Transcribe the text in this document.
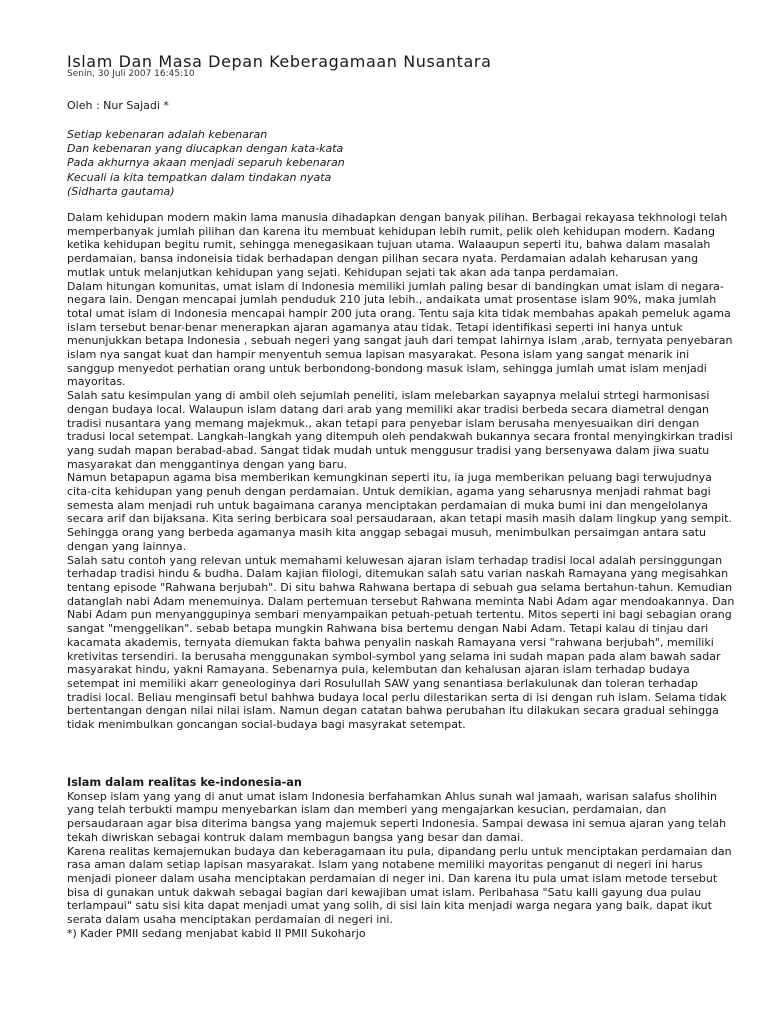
Islam Dan Masa Depan Keberagamaan Nusantara
Senin, 30 Juli 2007 16:45:10
Oleh : Nur Sajadi *
Setiap kebenaran adalah kebenaran
Dan kebenaran yang diucapkan dengan kata-kata
Pada akhurnya akaan menjadi separuh kebenaran
Kecuali ia kita tempatkan dalam tindakan nyata
(Sidharta gautama)

Dalam kehidupan modern makin lama manusia dihadapkan dengan banyak pilihan. Berbagai rekayasa tekhnologi telah memperbanyak jumlah pilihan dan karena itu membuat kehidupan lebih rumit, pelik oleh kehidupan modern. Kadang ketika kehidupan begitu rumit, sehingga menegasikaan tujuan utama. Walaaupun seperti itu, bahwa dalam masalah perdamaian, bansa indoneisia tidak berhadapan dengan pilihan secara nyata. Perdamaian adalah keharusan yang mutlak untuk melanjutkan kehidupan yang sejati. Kehidupan sejati tak akan ada tanpa perdamaian.

Dalam hitungan komunitas, umat islam di Indonesia memiliki jumlah paling besar di bandingkan umat islam di negara-negara lain. Dengan mencapai jumlah penduduk 210 juta lebih., andaikata umat prosentase islam 90%, maka jumlah total umat islam di Indonesia mencapai hampir 200 juta orang. Tentu saja kita tidak membahas apakah pemeluk agama islam tersebut benar-benar menerapkan ajaran agamanya atau tidak. Tetapi identifikasi seperti ini hanya untuk menunjukkan betapa Indonesia , sebuah negeri yang sangat jauh dari tempat lahirnya islam ,arab, ternyata penyebaran islam nya sangat kuat dan hampir menyentuh semua lapisan masyarakat. Pesona islam yang sangat menarik ini sanggup menyedot perhatian orang untuk berbondong-bondong masuk islam, sehingga jumlah umat islam menjadi mayoritas.

Salah satu kesimpulan yang di ambil oleh sejumlah peneliti, islam melebarkan sayapnya melalui strtegi harmonisasi dengan budaya local. Walaupun islam datang dari arab yang memiliki akar tradisi berbeda secara diametral dengan tradisi nusantara yang memang majekmuk., akan tetapi para penyebar islam berusaha menyesuaikan diri dengan tradusi local setempat. Langkah-langkah yang ditempuh oleh pendakwah bukannya secara frontal menyingkirkan tradisi yang sudah mapan berabad-abad. Sangat tidak mudah untuk menggusur tradisi yang bersenyawa dalam jiwa suatu masyarakat dan menggantinya dengan yang baru.

Namun betapapun agama bisa memberikan kemungkinan seperti itu, ia juga memberikan peluang bagi terwujudnya cita-cita kehidupan yang penuh dengan perdamaian. Untuk demikian, agama yang seharusnya menjadi rahmat bagi semesta alam menjadi ruh untuk bagaimana caranya menciptakan perdamaian di muka bumi ini dan mengelolanya secara arif dan bijaksana. Kita sering berbicara soal persaudaraan, akan tetapi masih masih dalam lingkup yang sempit. Sehingga orang yang berbeda agamanya masih kita anggap sebagai musuh, menimbulkan persaimgan antara satu dengan yang lainnya.

Salah satu contoh yang relevan untuk memahami keluwesan ajaran islam terhadap tradisi local adalah persinggungan terhadap tradisi hindu & budha. Dalam kajian filologi, ditemukan salah satu varian naskah Ramayana yang megisahkan tentang episode "Rahwana berjubah". Di situ bahwa Rahwana bertapa di sebuah gua selama bertahun-tahun. Kemudian datanglah nabi Adam menemuinya. Dalam pertemuan tersebut Rahwana meminta Nabi Adam agar mendoakannya. Dan Nabi Adam pun menyanggupinya sembari menyampaikan petuah-petuah tertentu. Mitos seperti ini bagi sebagian orang sangat "menggelikan". sebab betapa mungkin Rahwana bisa bertemu dengan Nabi Adam. Tetapi kalau di tinjau dari kacamata akademis, ternyata diemukan fakta bahwa penyalin naskah Ramayana versi "rahwana berjubah", memiliki kretivitas tersendiri. Ia berusaha menggunakan symbol-symbol yang selama ini sudah mapan pada alam bawah sadar masyarakat hindu, yakni Ramayana. Sebenarnya pula, kelembutan dan kehalusan ajaran islam terhadap budaya setempat ini memiliki akarr geneologinya dari Rosulullah SAW yang senantiasa berlakulunak dan toleran terhadap tradisi local. Beliau menginsafi betul bahhwa budaya local perlu dilestarikan serta di isi dengan ruh islam. Selama tidak bertentangan dengan nilai nilai islam. Namun degan catatan bahwa perubahan itu dilakukan secara gradual sehingga tidak menimbulkan goncangan social-budaya bagi masyrakat setempat.

Islam dalam realitas ke-indonesia-an

Konsep islam yang yang di anut umat islam Indonesia berfahamkan Ahlus sunah wal jamaah, warisan salafus sholihin yang telah terbukti mampu menyebarkan islam dan memberi yang mengajarkan kesucian, perdamaian, dan persaudaraan agar bisa diterima bangsa yang majemuk seperti Indonesia. Sampai dewasa ini semua ajaran yang telah tekah diwriskan sebagai kontruk dalam membagun bangsa yang besar dan damai.

Karena realitas kemajemukan budaya dan keberagamaan itu pula, dipandang perlu untuk menciptakan perdamaian dan rasa aman dalam setiap lapisan masyarakat. Islam yang notabene memiliki mayoritas penganut di negeri ini harus menjadi pioneer dalam usaha menciptakan perdamaian di neger ini. Dan karena itu pula umat islam metode tersebut bisa di gunakan untuk dakwah sebagai bagian dari kewajiban umat islam. Peribahasa "Satu kalli gayung dua pulau terlampaui" satu sisi kita dapat menjadi umat yang solih, di sisi lain kita menjadi warga negara yang baik, dapat ikut serata dalam usaha menciptakan perdamaian di negeri ini.

*) Kader PMII sedang menjabat kabid II PMII Sukoharjo
